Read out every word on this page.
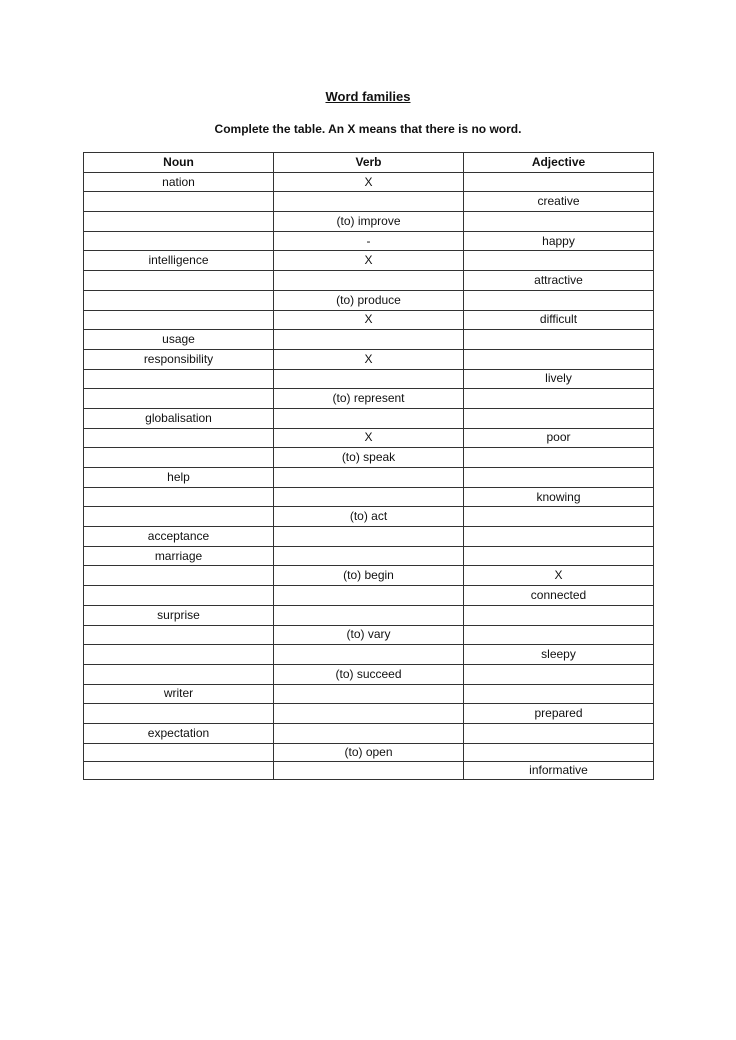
Word families
Complete the table. An X means that there is no word.
Noun	Verb	Adjective
nation	X	
		creative
	(to) improve	
	-	happy
intelligence	X	
		attractive
	(to) produce	
	X	difficult
usage		
responsibility	X	
		lively
	(to) represent	
globalisation		
	X	poor
	(to) speak	
help		
		knowing
	(to) act	
acceptance		
marriage		
	(to) begin	X
		connected
surprise		
	(to) vary	
		sleepy
	(to) succeed	
writer		
		prepared
expectation		
	(to) open	
		informative
